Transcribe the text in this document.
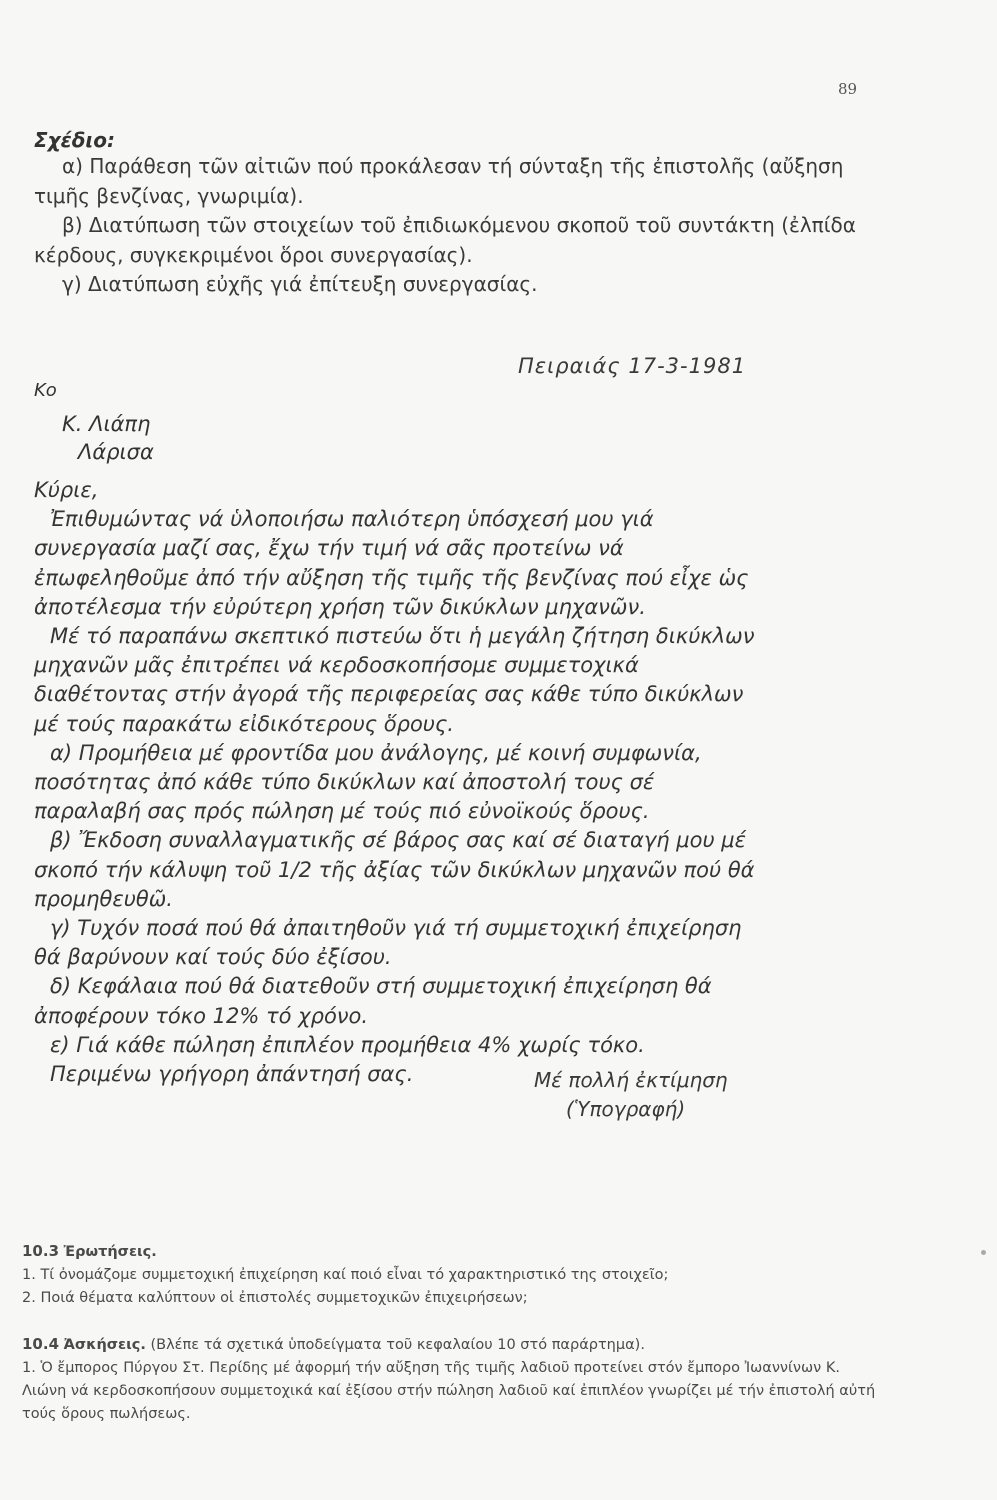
89
Σχέδιο:

α) Παράθεση τῶν αἰτιῶν πού προκάλεσαν τή σύνταξη τῆς ἐπιστολῆς (αὔξηση τιμῆς βενζίνας, γνωριμία).

β) Διατύπωση τῶν στοιχείων τοῦ ἐπιδιωκόμενου σκοποῦ τοῦ συντάκτη (ἐλπίδα κέρδους, συγκεκριμένοι ὅροι συνεργασίας).

γ) Διατύπωση εὐχῆς γιά ἐπίτευξη συνεργασίας.

Πειραιάς 17-3-1981
Κο
Κ. Λιάπη
Λάρισα

Κύριε,

Ἐπιθυμώντας νά ὑλοποιήσω παλιότερη ὑπόσχεσή μου γιά συνεργασία μαζί σας, ἔχω τήν τιμή νά σᾶς προτείνω νά ἐπωφεληθοῦμε ἀπό τήν αὔξηση τῆς τιμῆς τῆς βενζίνας πού εἶχε ὡς ἀποτέλεσμα τήν εὐρύτερη χρήση τῶν δικύκλων μηχανῶν.

Μέ τό παραπάνω σκεπτικό πιστεύω ὅτι ἡ μεγάλη ζήτηση δικύκλων μηχανῶν μᾶς ἐπιτρέπει νά κερδοσκοπήσομε συμμετοχικά διαθέτοντας στήν ἀγορά τῆς περιφερείας σας κάθε τύπο δικύκλων μέ τούς παρακάτω εἰδικότερους ὅρους.

α) Προμήθεια μέ φροντίδα μου ἀνάλογης, μέ κοινή συμφωνία, ποσότητας ἀπό κάθε τύπο δικύκλων καί ἀποστολή τους σέ παραλαβή σας πρός πώληση μέ τούς πιό εὐνοϊκούς ὅρους.

β) Ἔκδοση συναλλαγματικῆς σέ βάρος σας καί σέ διαταγή μου μέ σκοπό τήν κάλυψη τοῦ 1/2 τῆς ἀξίας τῶν δικύκλων μηχανῶν πού θά προμηθευθῶ.

γ) Τυχόν ποσά πού θά ἀπαιτηθοῦν γιά τή συμμετοχική ἐπιχείρηση θά βαρύνουν καί τούς δύο ἐξίσου.

δ) Κεφάλαια πού θά διατεθοῦν στή συμμετοχική ἐπιχείρηση θά ἀποφέρουν τόκο 12% τό χρόνο.

ε) Γιά κάθε πώληση ἐπιπλέον προμήθεια 4% χωρίς τόκο.

Περιμένω γρήγορη ἀπάντησή σας.	Μέ πολλή ἐκτίμηση
(Ὑπογραφή)

10.3 Ἐρωτήσεις.

1. Τί ὀνομάζομε συμμετοχική ἐπιχείρηση καί ποιό εἶναι τό χαρακτηριστικό της στοιχεῖο;

2. Ποιά θέματα καλύπτουν οἱ ἐπιστολές συμμετοχικῶν ἐπιχειρήσεων;

10.4 Ἀσκήσεις. (Βλέπε τά σχετικά ὑποδείγματα τοῦ κεφαλαίου 10 στό παράρτημα).

1. Ὁ ἔμπορος Πύργου Στ. Περίδης μέ ἀφορμή τήν αὔξηση τῆς τιμῆς λαδιοῦ προτείνει στόν ἔμπορο Ἰωαννίνων Κ. Λιώνη νά κερδοσκοπήσουν συμμετοχικά καί ἐξίσου στήν πώληση λαδιοῦ καί ἐπιπλέον γνωρίζει μέ τήν ἐπιστολή αὐτή τούς ὅρους πωλήσεως.
